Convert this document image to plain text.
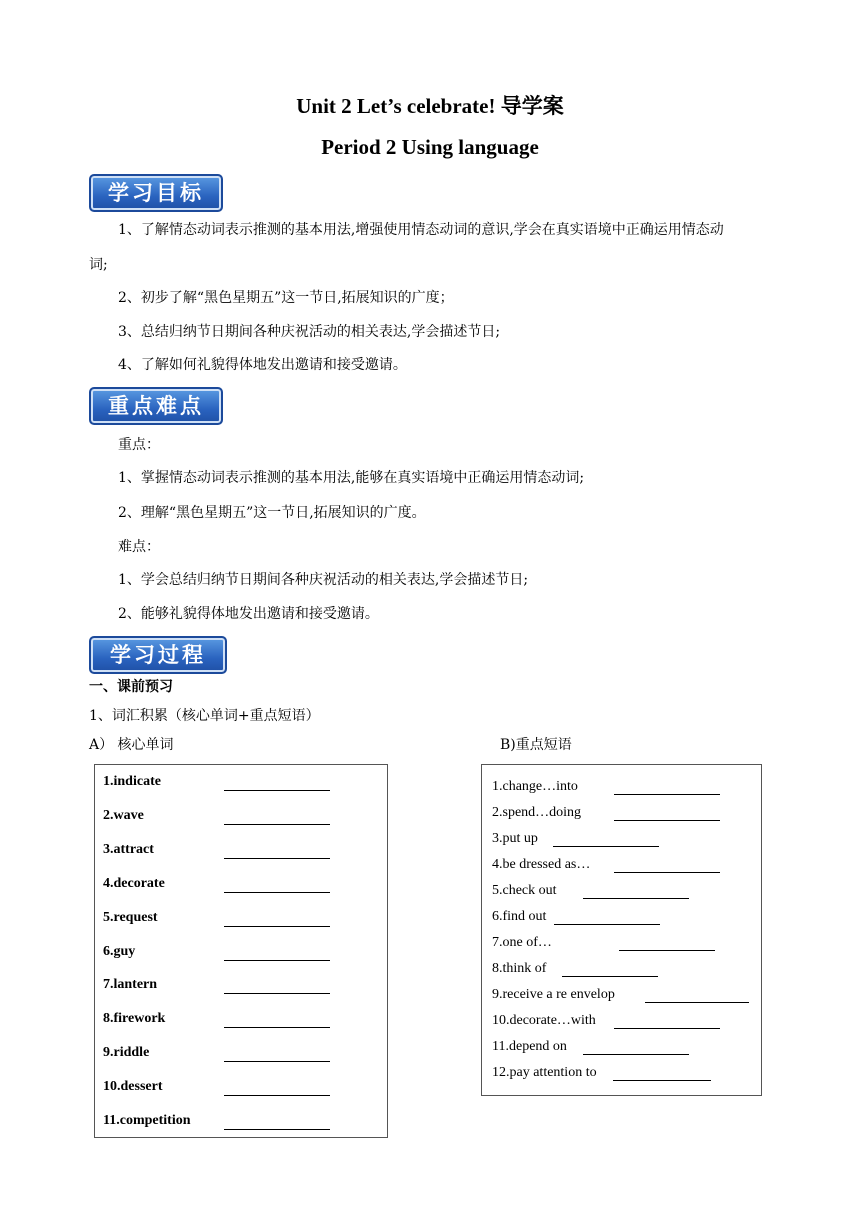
Unit 2 Let’s celebrate! 导学案
Period 2 Using language
学习目标
1、了解情态动词表示推测的基本用法,增强使用情态动词的意识,学会在真实语境中正确运用情态动
词;
2、初步了解“黑色星期五”这一节日,拓展知识的广度；
3、总结归纳节日期间各种庆祝活动的相关表达,学会描述节日;
4、了解如何礼貌得体地发出邀请和接受邀请。
重点难点
重点：
1、掌握情态动词表示推测的基本用法,能够在真实语境中正确运用情态动词;
2、理解“黑色星期五”这一节日,拓展知识的广度。
难点：
1、学会总结归纳节日期间各种庆祝活动的相关表达,学会描述节日;
2、能够礼貌得体地发出邀请和接受邀请。
学习过程
一、课前预习
1、词汇积累（核心单词+重点短语）
A） 核心单词	B)重点短语
1.indicate
2.wave
3.attract
4.decorate
5.request
6.guy
7.lantern
8.firework
9.riddle
10.dessert
11.competition
1.change…into
2.spend…doing
3.put up
4.be dressed as…
5.check out
6.find out
7.one of…
8.think of
9.receive a re envelop
10.decorate…with
11.depend on
12.pay attention to
